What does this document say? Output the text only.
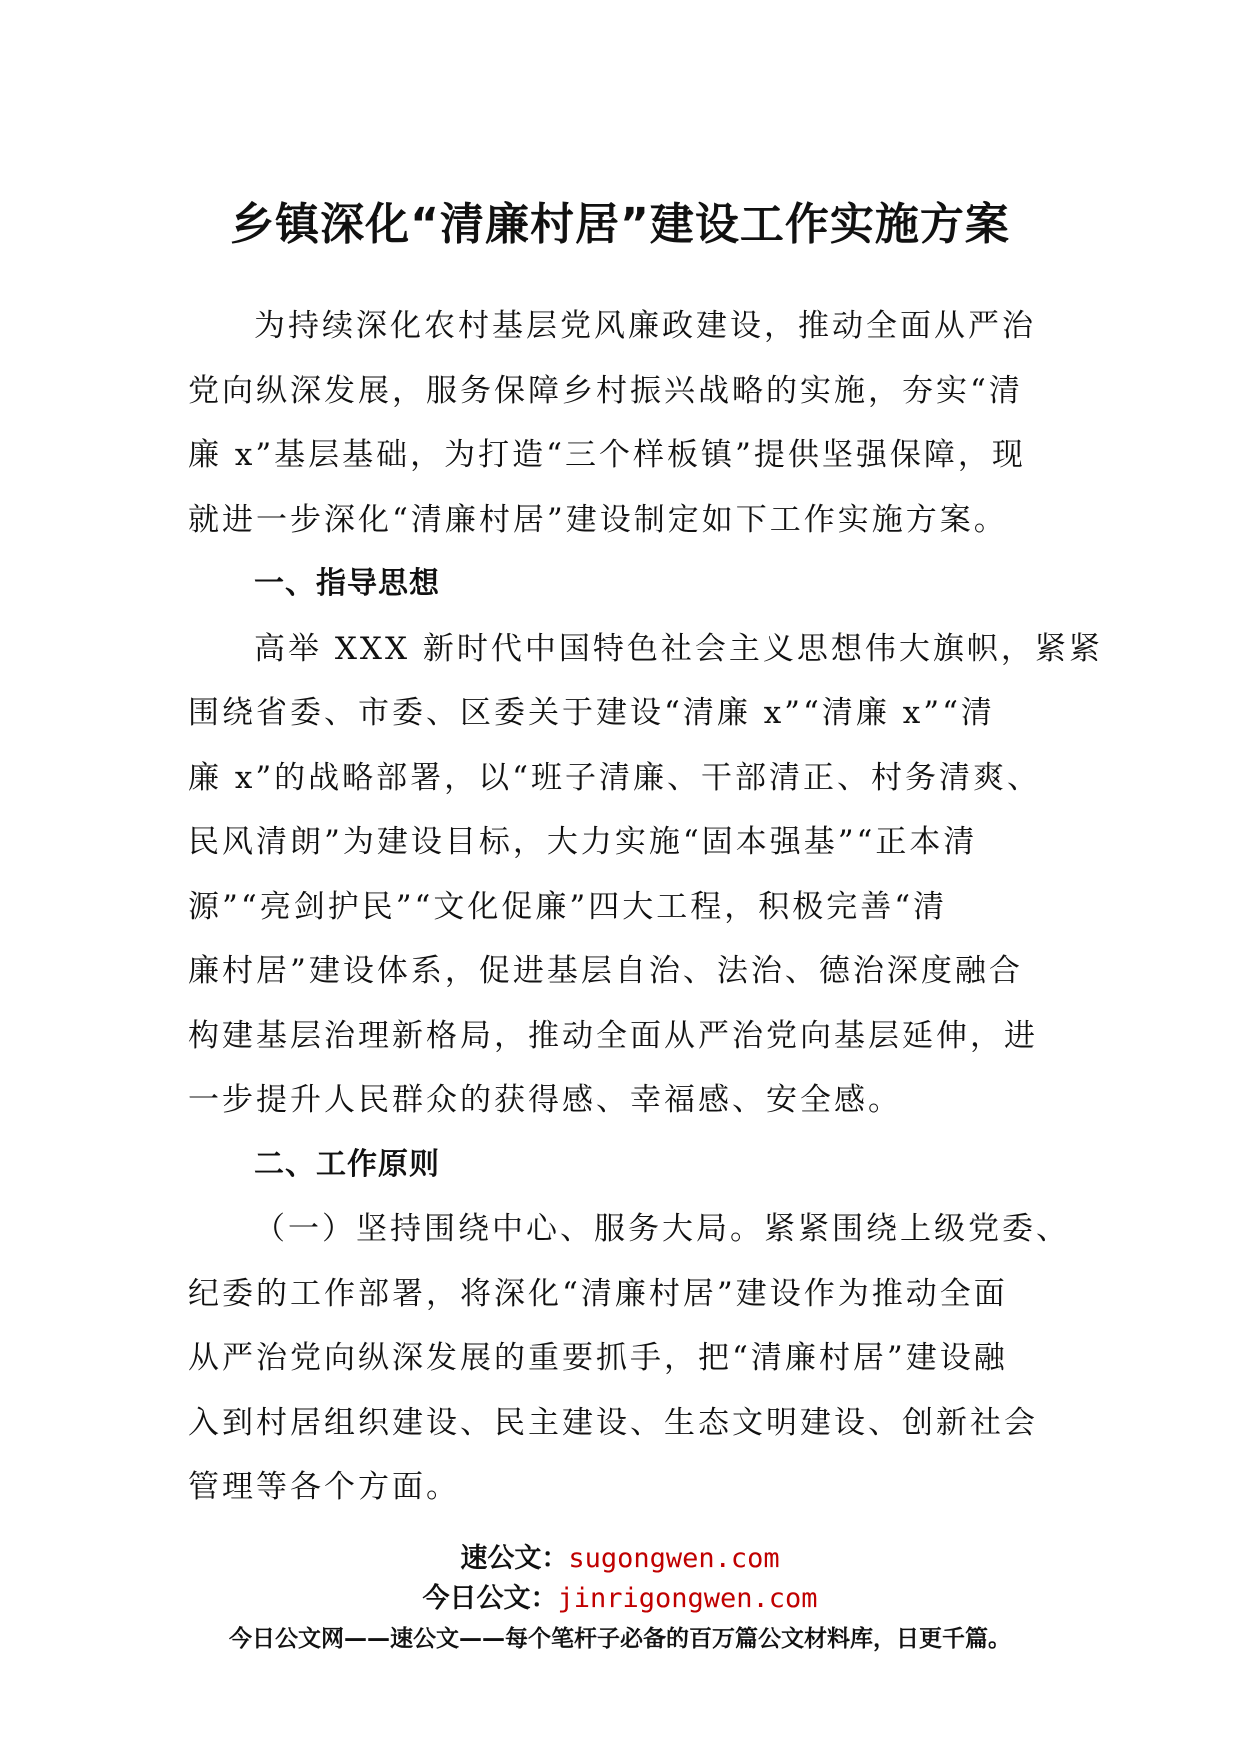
乡镇深化“清廉村居”建设工作实施方案
为持续深化农村基层党风廉政建设，推动全面从严治
党向纵深发展，服务保障乡村振兴战略的实施，夯实“清
廉 x”基层基础，为打造“三个样板镇”提供坚强保障，现
就进一步深化“清廉村居”建设制定如下工作实施方案。
一、指导思想
高举 XXX 新时代中国特色社会主义思想伟大旗帜，紧紧
围绕省委、市委、区委关于建设“清廉 x”“清廉 x”“清
廉 x”的战略部署，以“班子清廉、干部清正、村务清爽、
民风清朗”为建设目标，大力实施“固本强基”“正本清
源”“亮剑护民”“文化促廉”四大工程，积极完善“清
廉村居”建设体系，促进基层自治、法治、德治深度融合
构建基层治理新格局，推动全面从严治党向基层延伸，进
一步提升人民群众的获得感、幸福感、安全感。
二、工作原则
（一）坚持围绕中心、服务大局。紧紧围绕上级党委、
纪委的工作部署，将深化“清廉村居”建设作为推动全面
从严治党向纵深发展的重要抓手，把“清廉村居”建设融
入到村居组织建设、民主建设、生态文明建设、创新社会
管理等各个方面。
速公文：sugongwen.com
今日公文：jinrigongwen.com
今日公文网——速公文——每个笔杆子必备的百万篇公文材料库，日更千篇。
